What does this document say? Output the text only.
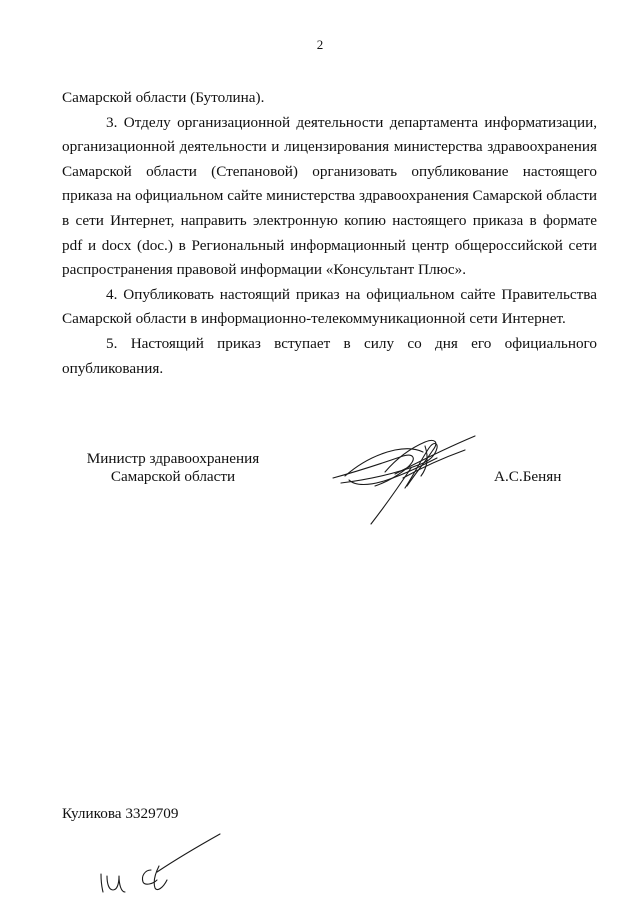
2

Самарской области (Бутолина).

3. Отделу организационной деятельности департамента информатизации, организационной деятельности и лицензирования министерства здравоохранения Самарской области (Степановой) организовать опубликование настоящего приказа на официальном сайте министерства здравоохранения Самарской области в сети Интернет, направить электронную копию настоящего приказа в формате pdf и docx (doc.) в Региональный информационный центр общероссийской сети распространения правовой информации «Консультант Плюс».

4. Опубликовать настоящий приказ на официальном сайте Правительства Самарской области в информационно-телекоммуникационной сети Интернет.

5. Настоящий приказ вступает в силу со дня его официального опубликования.

Министр здравоохранения
Самарской области	А.С.Бенян
Куликова 3329709
